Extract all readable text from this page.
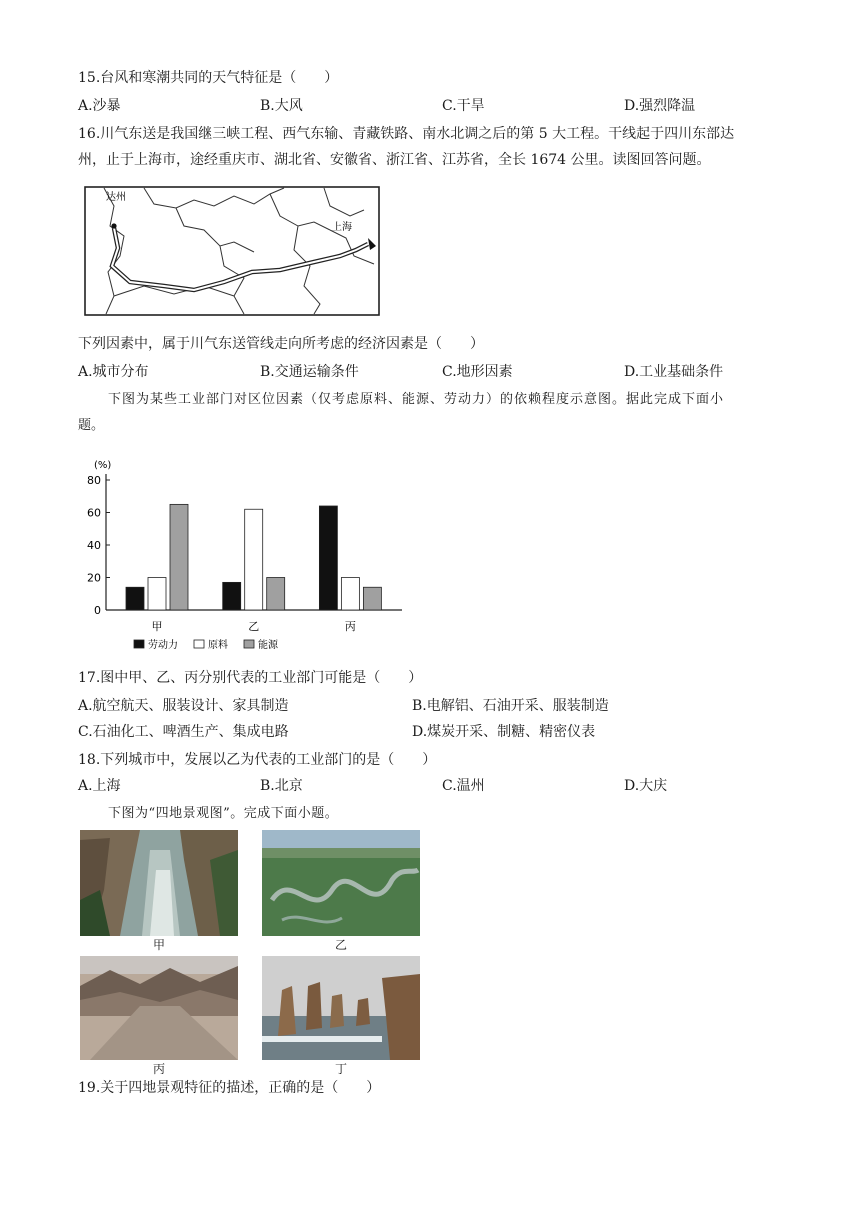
15.台风和寒潮共同的天气特征是（　　）
A.沙暴	B.大风	C.干旱	D.强烈降温
16.川气东送是我国继三峡工程、西气东输、青藏铁路、南水北调之后的第 5 大工程。干线起于四川东部达
州，止于上海市，途经重庆市、湖北省、安徽省、浙江省、江苏省，全长 1674 公里。读图回答问题。
达州
上海
下列因素中，属于川气东送管线走向所考虑的经济因素是（　　）
A.城市分布	B.交通运输条件	C.地形因素	D.工业基础条件
下图为某些工业部门对区位因素（仅考虑原料、能源、劳动力）的依赖程度示意图。据此完成下面小
题。
(%)
0
20
40
60
80
甲	乙	丙
劳动力	原料	能源
17.图中甲、乙、丙分别代表的工业部门可能是（　　）
A.航空航天、服装设计、家具制造	B.电解铝、石油开采、服装制造
C.石油化工、啤酒生产、集成电路	D.煤炭开采、制糖、精密仪表
18.下列城市中，发展以乙为代表的工业部门的是（　　）
A.上海	B.北京	C.温州	D.大庆
下图为“四地景观图”。完成下面小题。
甲	乙
丙	丁
19.关于四地景观特征的描述，正确的是（　　）
